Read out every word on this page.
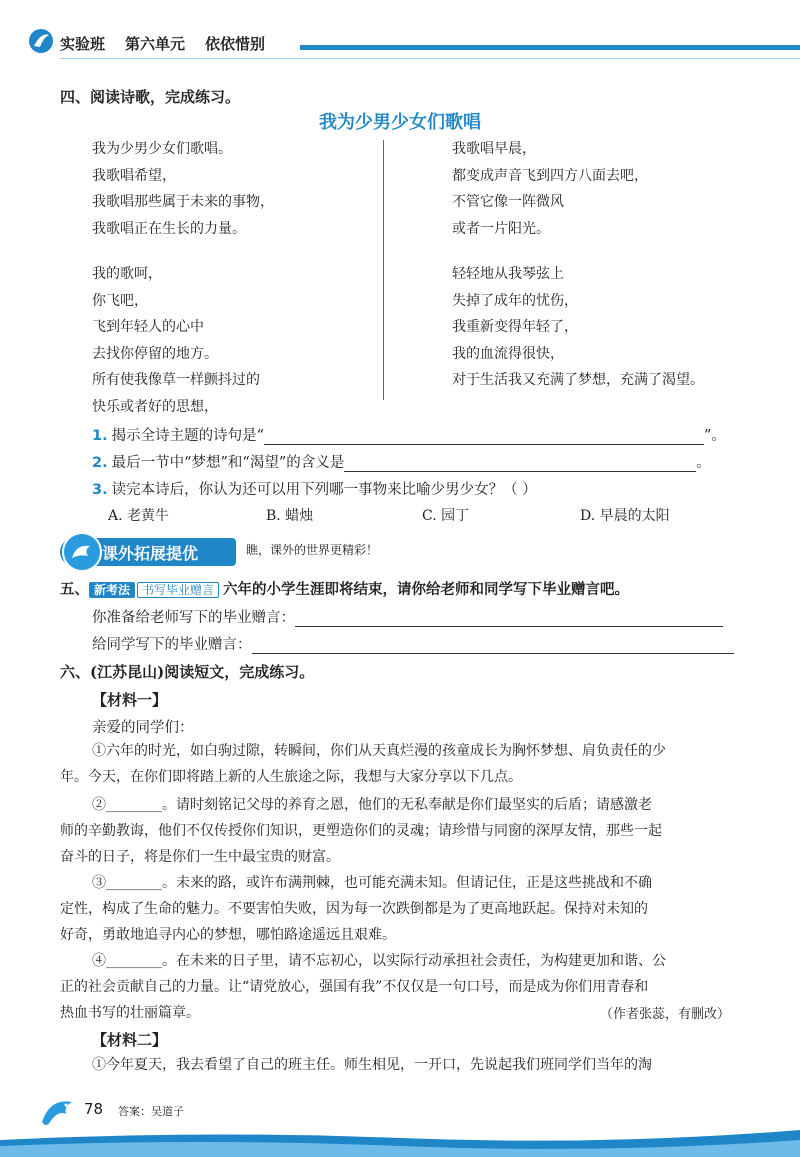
实验班 第六单元 依依惜别
四、阅读诗歌，完成练习。
我为少男少女们歌唱
我为少男少女们歌唱。
我歌唱希望，
我歌唱那些属于未来的事物，
我歌唱正在生长的力量。
我的歌呵，
你飞吧，
飞到年轻人的心中
去找你停留的地方。
所有使我像草一样颤抖过的
快乐或者好的思想，
我歌唱早晨，
都变成声音飞到四方八面去吧，
不管它像一阵微风
或者一片阳光。
轻轻地从我琴弦上
失掉了成年的忧伤，
我重新变得年轻了，
我的血流得很快，
对于生活我又充满了梦想，充满了渴望。
1. 揭示全诗主题的诗句是“	”。
2. 最后一节中“梦想”和“渴望”的含义是	。
3. 读完本诗后，你认为还可以用下列哪一事物来比喻少男少女？（ ）
A. 老黄牛	B. 蜡烛	C. 园丁	D. 早晨的太阳
课外拓展提优	瞧，课外的世界更精彩！
五、 新考法 书写毕业赠言 六年的小学生涯即将结束，请你给老师和同学写下毕业赠言吧。
你准备给老师写下的毕业赠言：
给同学写下的毕业赠言：
六、(江苏昆山)阅读短文，完成练习。
【材料一】
亲爱的同学们：
①六年的时光，如白驹过隙，转瞬间，你们从天真烂漫的孩童成长为胸怀梦想、肩负责任的少
年。今天，在你们即将踏上新的人生旅途之际，我想与大家分享以下几点。
②________。请时刻铭记父母的养育之恩，他们的无私奉献是你们最坚实的后盾；请感激老
师的辛勤教诲，他们不仅传授你们知识，更塑造你们的灵魂；请珍惜与同窗的深厚友情，那些一起
奋斗的日子，将是你们一生中最宝贵的财富。
③________。未来的路，或许布满荆棘，也可能充满未知。但请记住，正是这些挑战和不确
定性，构成了生命的魅力。不要害怕失败，因为每一次跌倒都是为了更高地跃起。保持对未知的
好奇，勇敢地追寻内心的梦想，哪怕路途遥远且艰难。
④________。在未来的日子里，请不忘初心，以实际行动承担社会责任，为构建更加和谐、公
正的社会贡献自己的力量。让“请党放心，强国有我”不仅仅是一句口号，而是成为你们用青春和
热血书写的壮丽篇章。	（作者张蕊，有删改）
【材料二】
①今年夏天，我去看望了自己的班主任。师生相见，一开口，先说起我们班同学们当年的淘
78 答案：吴道子
